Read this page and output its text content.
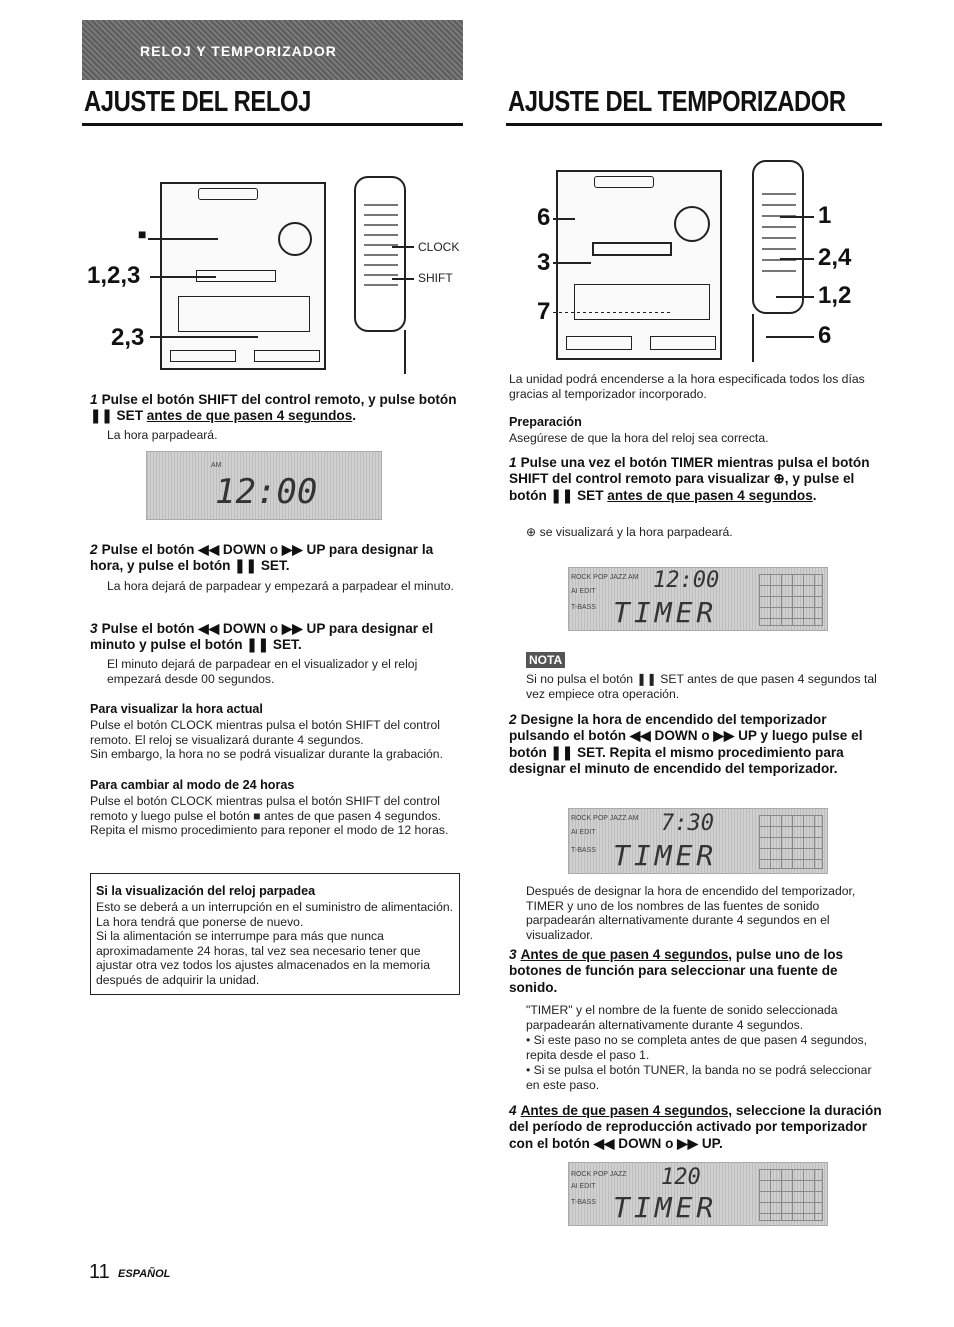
RELOJ Y TEMPORIZADOR
AJUSTE DEL RELOJ	AJUSTE DEL TEMPORIZADOR
■
1,2,3
2,3
CLOCK
SHIFT
1 Pulse el botón SHIFT del control remoto, y pulse botón ❚❚ SET antes de que pasen 4 segundos.
La hora parpadeará.
AM
12:00
2 Pulse el botón ◀◀ DOWN o ▶▶ UP para designar la hora, y pulse el botón ❚❚ SET.
La hora dejará de parpadear y empezará a parpadear el minuto.
3 Pulse el botón ◀◀ DOWN o ▶▶ UP para designar el minuto y pulse el botón ❚❚ SET.
El minuto dejará de parpadear en el visualizador y el reloj empezará desde 00 segundos.
Para visualizar la hora actual
Pulse el botón CLOCK mientras pulsa el botón SHIFT del control remoto. El reloj se visualizará durante 4 segundos.
Sin embargo, la hora no se podrá visualizar durante la grabación.
Para cambiar al modo de 24 horas
Pulse el botón CLOCK mientras pulsa el botón SHIFT del control remoto y luego pulse el botón ■ antes de que pasen 4 segundos. Repita el mismo procedimiento para reponer el modo de 12 horas.
Si la visualización del reloj parpadea
Esto se deberá a un interrupción en el suministro de alimentación. La hora tendrá que ponerse de nuevo.
Si la alimentación se interrumpe para más que nunca aproximadamente 24 horas, tal vez sea necesario tener que ajustar otra vez todos los ajustes almacenados en la memoria después de adquirir la unidad.
6
3
7
1
2,4
1,2
6
La unidad podrá encenderse a la hora especificada todos los días gracias al temporizador incorporado.
Preparación
Asegúrese de que la hora del reloj sea correcta.
1 Pulse una vez el botón TIMER mientras pulsa el botón SHIFT del control remoto para visualizar ⊕, y pulse el botón ❚❚ SET antes de que pasen 4 segundos.
⊕ se visualizará y la hora parpadeará.
ROCK POP JAZZ AM
AI EDIT
T-BASS
12:00
TIMER
NOTA
Si no pulsa el botón ❚❚ SET antes de que pasen 4 segundos tal vez empiece otra operación.
2 Designe la hora de encendido del temporizador pulsando el botón ◀◀ DOWN o ▶▶ UP y luego pulse el botón ❚❚ SET. Repita el mismo procedimiento para designar el minuto de encendido del temporizador.
ROCK POP JAZZ AM
AI EDIT
T-BASS
7:30
TIMER
Después de designar la hora de encendido del temporizador, TIMER y uno de los nombres de las fuentes de sonido parpadearán alternativamente durante 4 segundos en el visualizador.
3 Antes de que pasen 4 segundos, pulse uno de los botones de función para seleccionar una fuente de sonido.
"TIMER" y el nombre de la fuente de sonido seleccionada parpadearán alternativamente durante 4 segundos.
• Si este paso no se completa antes de que pasen 4 segundos, repita desde el paso 1.
• Si se pulsa el botón TUNER, la banda no se podrá seleccionar en este paso.
4 Antes de que pasen 4 segundos, seleccione la duración del período de reproducción activado por temporizador con el botón ◀◀ DOWN o ▶▶ UP.
ROCK POP JAZZ
AI EDIT
T-BASS
120
TIMER
11 ESPAÑOL
